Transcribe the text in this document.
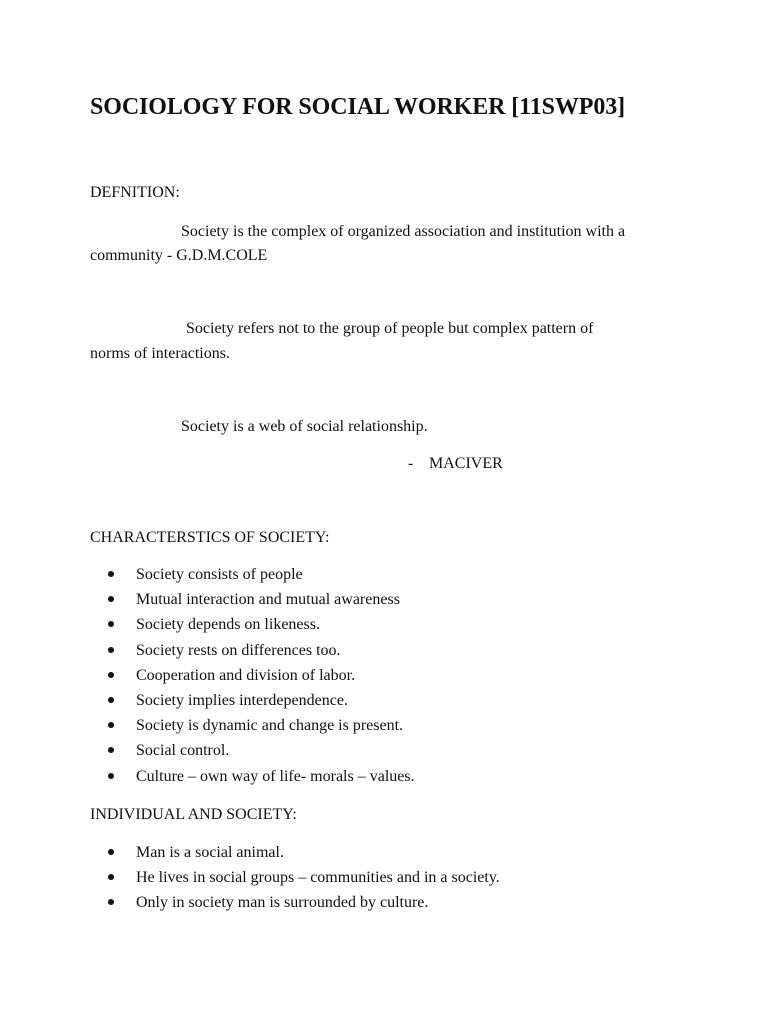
SOCIOLOGY FOR SOCIAL WORKER [11SWP03]
DEFNITION:
Society is the complex of organized association and institution with a
community - G.D.M.COLE
Society refers not to the group of people but complex pattern of
norms of interactions.
Society is a web of social relationship.
- MACIVER
CHARACTERSTICS OF SOCIETY:
Society consists of people
Mutual interaction and mutual awareness
Society depends on likeness.
Society rests on differences too.
Cooperation and division of labor.
Society implies interdependence.
Society is dynamic and change is present.
Social control.
Culture – own way of life- morals – values.
INDIVIDUAL AND SOCIETY:
Man is a social animal.
He lives in social groups – communities and in a society.
Only in society man is surrounded by culture.
